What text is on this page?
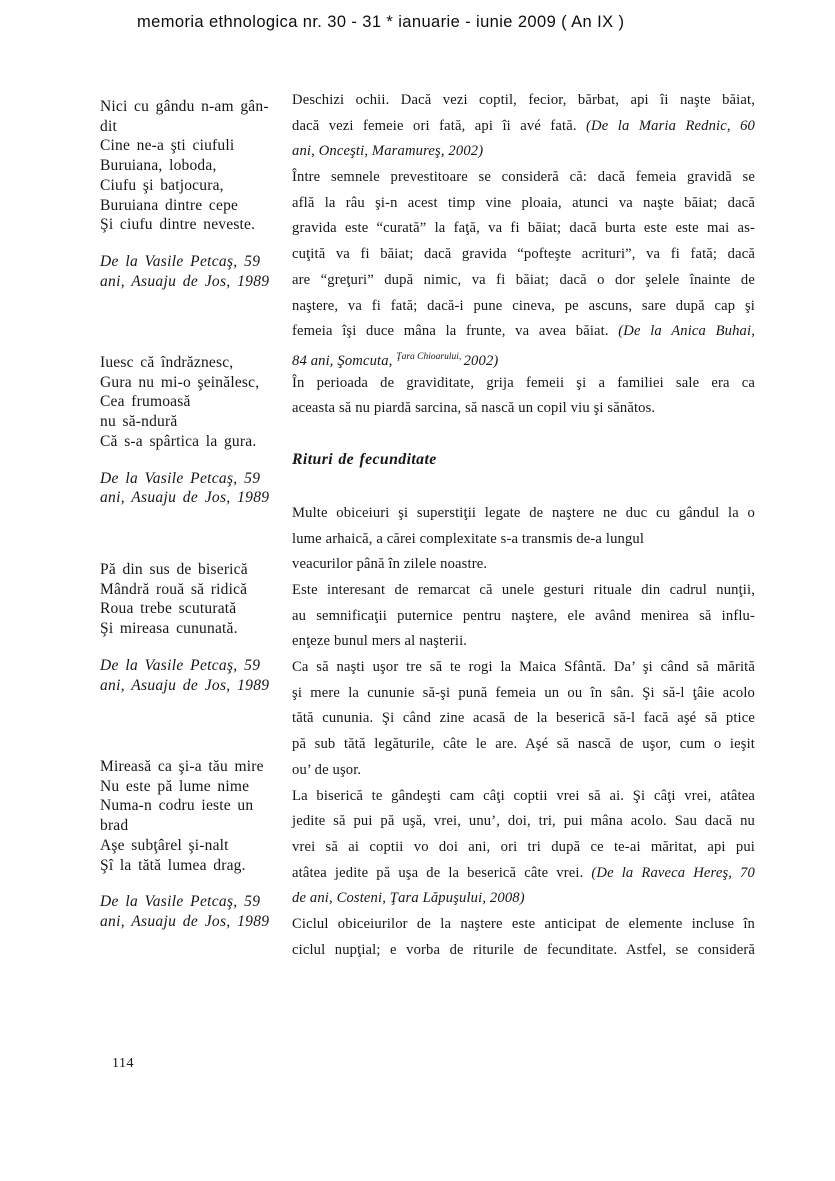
memoria ethnologica nr. 30 - 31 * ianuarie - iunie 2009 ( An IX )
Nici cu gându n-am gân-
dit
Cine ne-a şti ciufuli
Buruiana, loboda,
Ciufu şi batjocura,
Buruiana dintre cepe
Şi ciufu dintre neveste.
De la Vasile Petcaş, 59
ani, Asuaju de Jos, 1989
Iuesc că îndrăznesc,
Gura nu mi-o şeinălesc,
Cea frumoasă
nu să-ndură
Că s-a spârtica la gura.
De la Vasile Petcaş, 59
ani, Asuaju de Jos, 1989
Pă din sus de biserică
Mândră rouă să ridică
Roua trebe scuturată
Şi mireasa cununată.
De la Vasile Petcaş, 59
ani, Asuaju de Jos, 1989
Mireasă ca şi-a tău mire
Nu este pă lume nime
Numa-n codru ieste un
brad
Aşe subţârel şi-nalt
Şî la tătă lumea drag.
De la Vasile Petcaş, 59
ani, Asuaju de Jos, 1989
Deschizi ochii. Dacă vezi coptil, fecior, bărbat, api îi naşte băiat,
dacă vezi femeie ori fată, api îi avé fată. (De la Maria Rednic, 60
ani, Onceşti, Maramureş, 2002)
Între semnele prevestitoare se consideră că: dacă femeia gravidă se
află la râu şi-n acest timp vine ploaia, atunci va naşte băiat; dacă
gravida este “curată” la faţă, va fi băiat; dacă burta este este mai as-
cuţită va fi băiat; dacă gravida “pofteşte acrituri”, va fi fată; dacă
are “greţuri” după nimic, va fi băiat; dacă o dor şelele înainte de
naştere, va fi fată; dacă-i pune cineva, pe ascuns, sare după cap şi
femeia îşi duce mâna la frunte, va avea băiat. (De la Anica Buhai,
84 ani, Şomcuta, $^{Ţara Chioarului,}$ 2002)
În perioada de graviditate, grija femeii şi a familiei sale era ca
aceasta să nu piardă sarcina, să nască un copil viu şi sănătos.
Rituri de fecunditate
Multe obiceiuri şi superstiţii legate de naştere ne duc cu gândul la o
lume arhaică, a cărei complexitate s-a transmis de-a lungul
veacurilor până în zilele noastre.
Este interesant de remarcat că unele gesturi rituale din cadrul nunţii,
au semnificaţii puternice pentru naştere, ele având menirea să influ-
enţeze bunul mers al naşterii.
Ca să naşti uşor tre să te rogi la Maica Sfântă. Da’ şi când să mărită
şi mere la cununie să-şi pună femeia un ou în sân. Şi să-l ţâie acolo
tătă cununia. Şi când zine acasă de la beserică să-l facă aşé să ptice
pă sub tătă legăturile, câte le are. Aşé să nască de uşor, cum o ieşit
ou’ de uşor.
La biserică te gândeşti cam câţi coptii vrei să ai. Şi câţi vrei, atâtea
jedite să pui pă uşă, vrei, unu’, doi, tri, pui mâna acolo. Sau dacă nu
vrei să ai coptii vo doi ani, ori tri după ce te-ai măritat, api pui
atâtea jedite pă uşa de la beserică câte vrei. (De la Raveca Hereş, 70
de ani, Costeni, Ţara Lăpuşului, 2008)
Ciclul obiceiurilor de la naştere este anticipat de elemente incluse în
ciclul nupţial; e vorba de riturile de fecunditate. Astfel, se consideră
114
